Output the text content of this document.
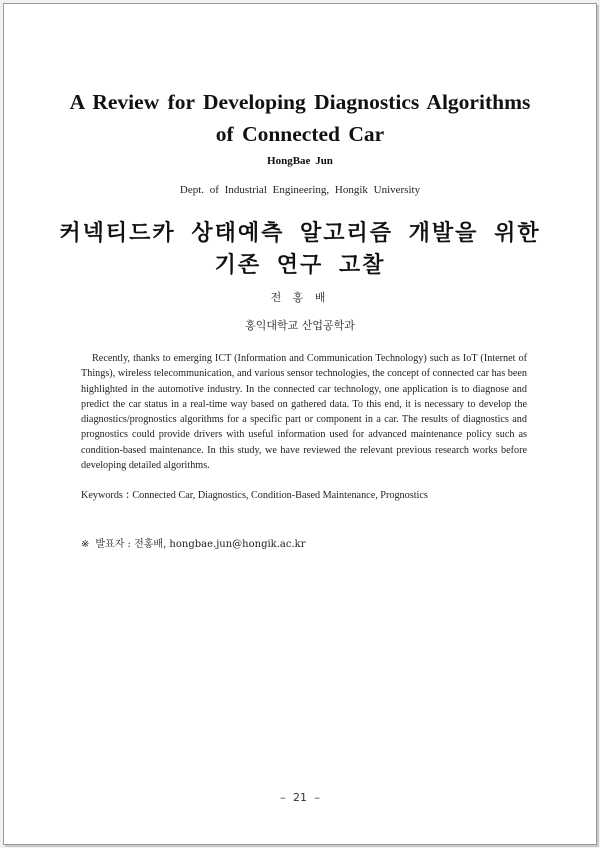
A Review for Developing Diagnostics Algorithms
of Connected Car

HongBae Jun

Dept. of Industrial Engineering, Hongik University

커넥티드카 상태예측 알고리즘 개발을 위한
기존 연구 고찰

전 홍 배

홍익대학교 산업공학과

Recently, thanks to emerging ICT (Information and Communication Technology) such as IoT (Internet of Things), wireless telecommunication, and various sensor technologies, the concept of connected car has been highlighted in the automotive industry. In the connected car technology, one application is to diagnose and predict the car status in a real-time way based on gathered data. To this end, it is necessary to develop the diagnostics/prognostics algorithms for a specific part or component in a car. The results of diagnostics and prognostics could provide drivers with useful information used for advanced maintenance policy such as condition-based maintenance. In this study, we have reviewed the relevant previous research works before developing detailed algorithms.

Keywords : Connected Car, Diagnostics, Condition-Based Maintenance, Prognostics

※ 발표자 : 전홍배, hongbae.jun@hongik.ac.kr

– 21 –
